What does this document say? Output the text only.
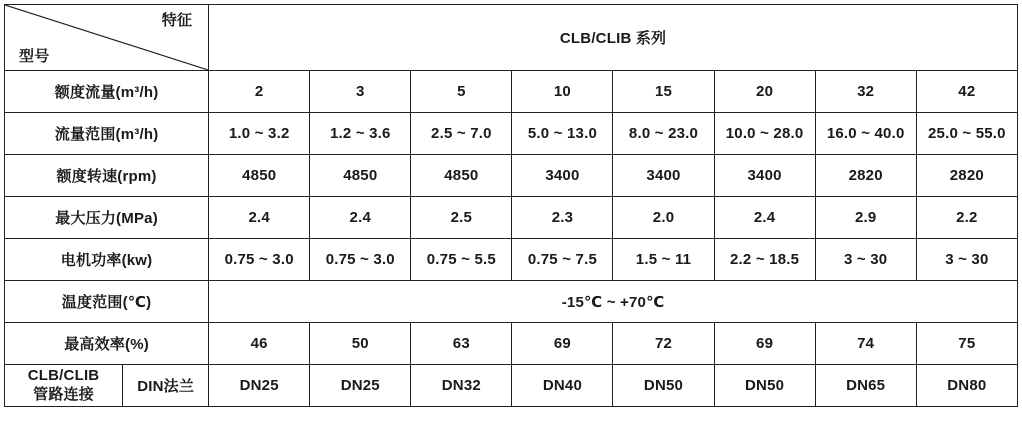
特征
型号		CLB/CLIB 系列							
额度流量(m³/h)		2	3	5	10	15	20	32	42
流量范围(m³/h)		1.0 ~ 3.2	1.2 ~ 3.6	2.5 ~ 7.0	5.0 ~ 13.0	8.0 ~ 23.0	10.0 ~ 28.0	16.0 ~ 40.0	25.0 ~ 55.0
额度转速(rpm)		4850	4850	4850	3400	3400	3400	2820	2820
最大压力(MPa)		2.4	2.4	2.5	2.3	2.0	2.4	2.9	2.2
电机功率(kw)		0.75 ~ 3.0	0.75 ~ 3.0	0.75 ~ 5.5	0.75 ~ 7.5	1.5 ~ 11	2.2 ~ 18.5	3 ~ 30	3 ~ 30
温度范围(℃)		-15℃ ~ +70℃							
最高效率(%)		46	50	63	69	72	69	74	75

CLB/CLIB
管路连接	DIN法兰	DN25	DN25	DN32	DN40	DN50	DN50	DN65	DN80
